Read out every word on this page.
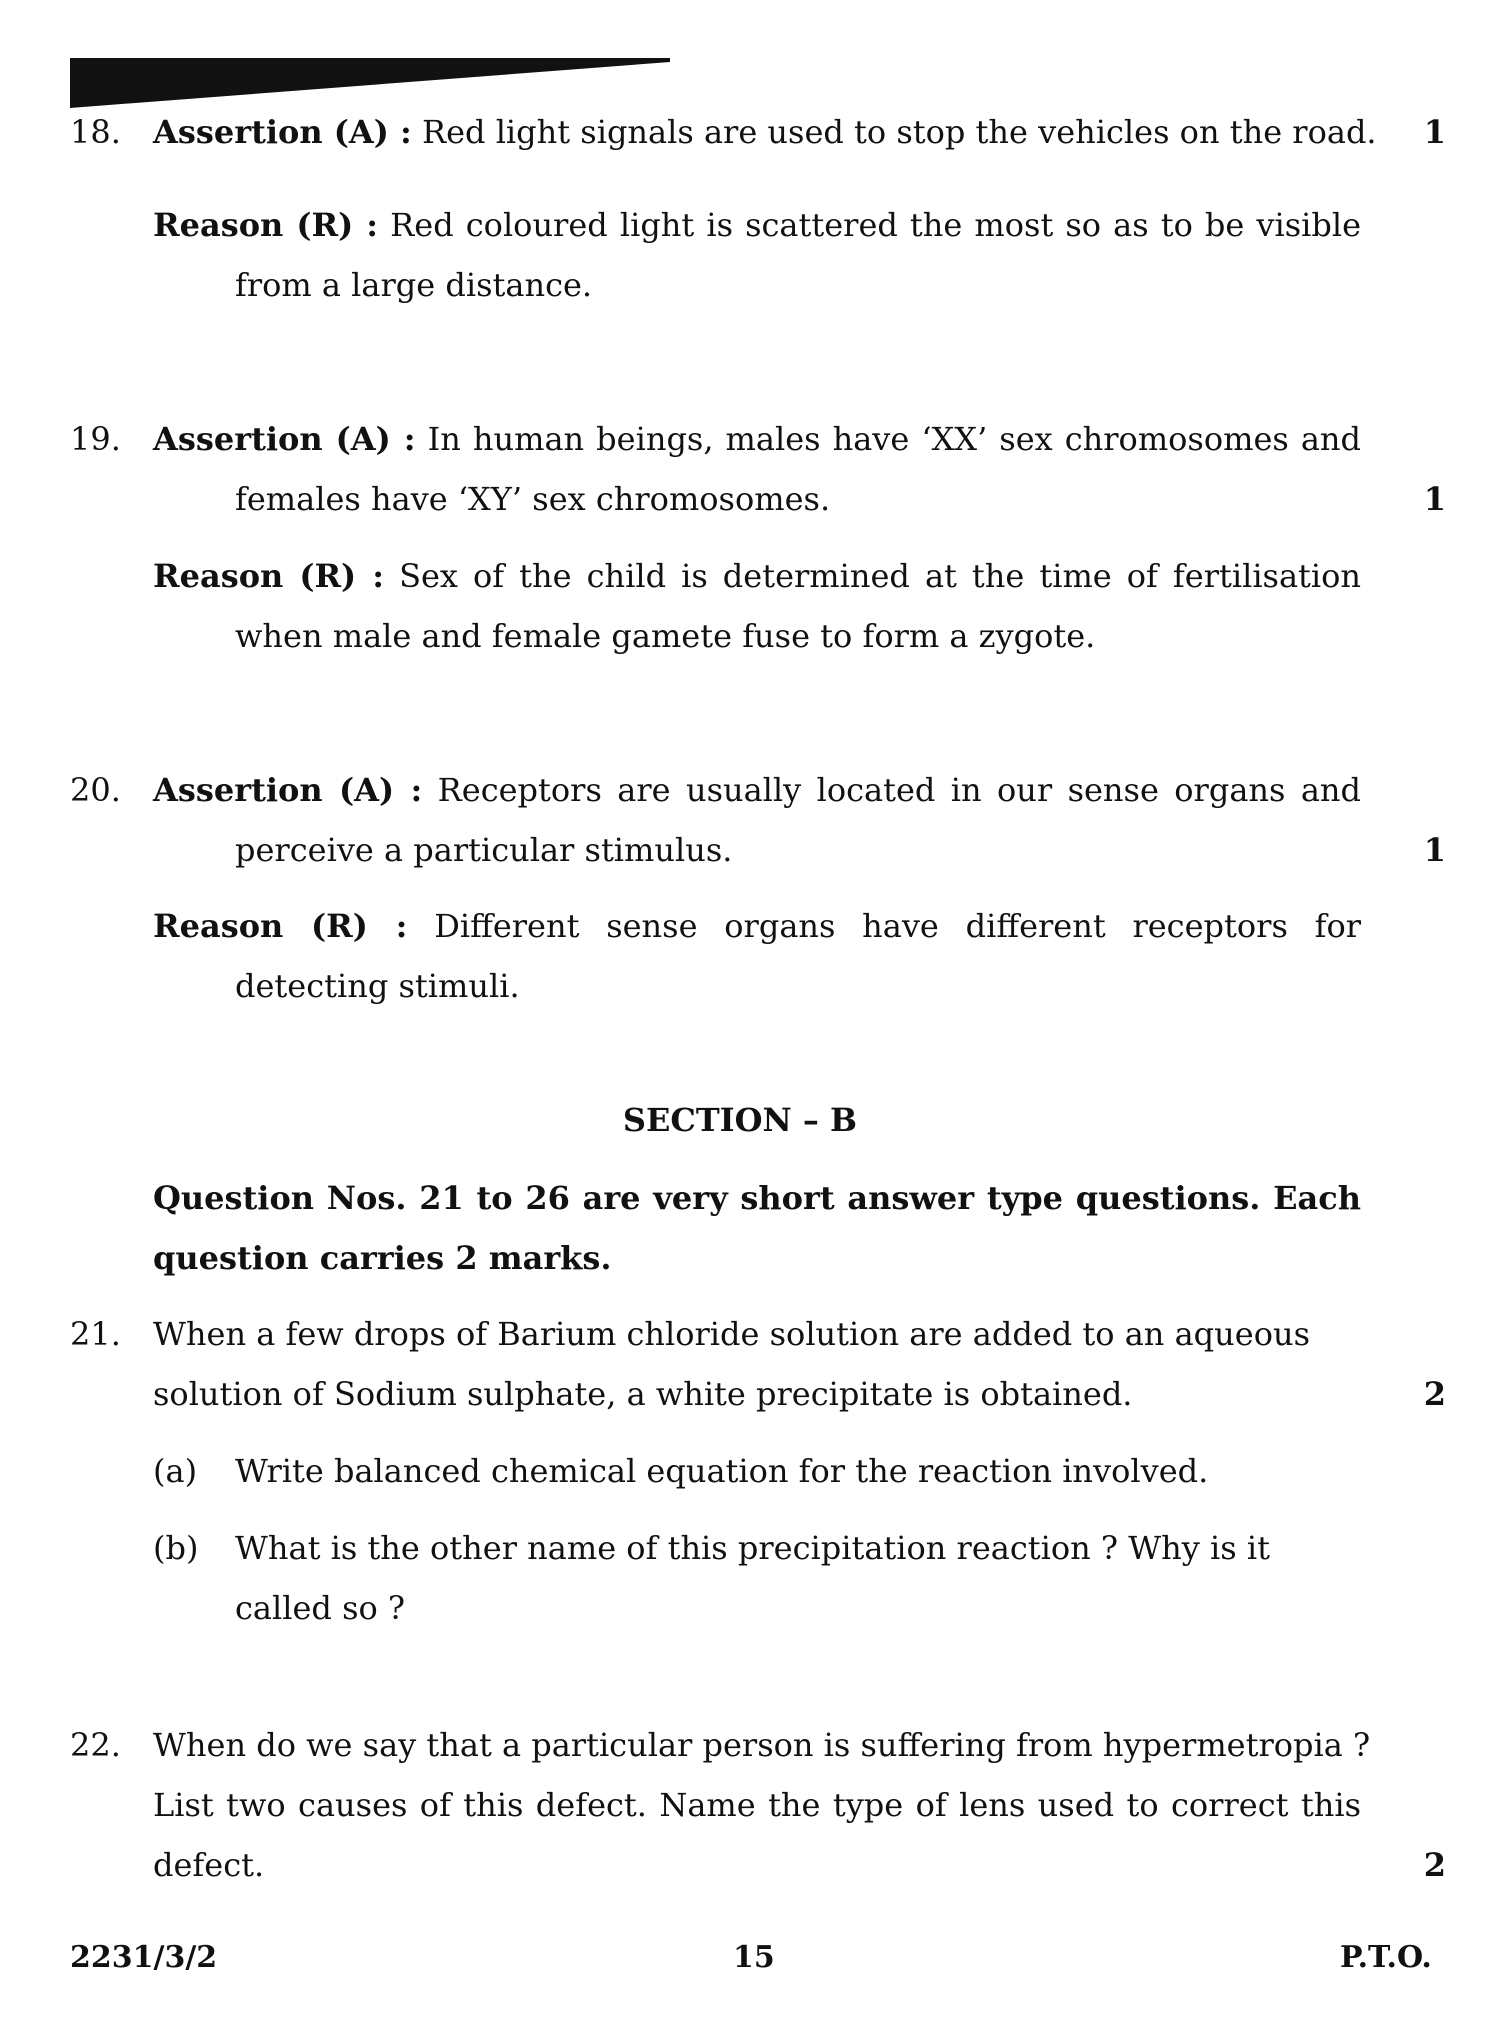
18. Assertion (A) : Red light signals are used to stop the vehicles on the road.	1
Reason (R) : Red coloured light is scattered the most so as to be visible
from a large distance.
19. Assertion (A) : In human beings, males have ‘XX’ sex chromosomes and
females have ‘XY’ sex chromosomes.	1
Reason (R) : Sex of the child is determined at the time of fertilisation
when male and female gamete fuse to form a zygote.
20. Assertion (A) : Receptors are usually located in our sense organs and
perceive a particular stimulus.	1
Reason (R) : Different sense organs have different receptors for
detecting stimuli.
SECTION – B
Question Nos. 21 to 26 are very short answer type questions. Each
question carries 2 marks.
21. When a few drops of Barium chloride solution are added to an aqueous
solution of Sodium sulphate, a white precipitate is obtained.	2
(a) Write balanced chemical equation for the reaction involved.
(b) What is the other name of this precipitation reaction ? Why is it
called so ?
22. When do we say that a particular person is suffering from hypermetropia ?
List two causes of this defect. Name the type of lens used to correct this
defect.	2
2231/3/2	15	P.T.O.
